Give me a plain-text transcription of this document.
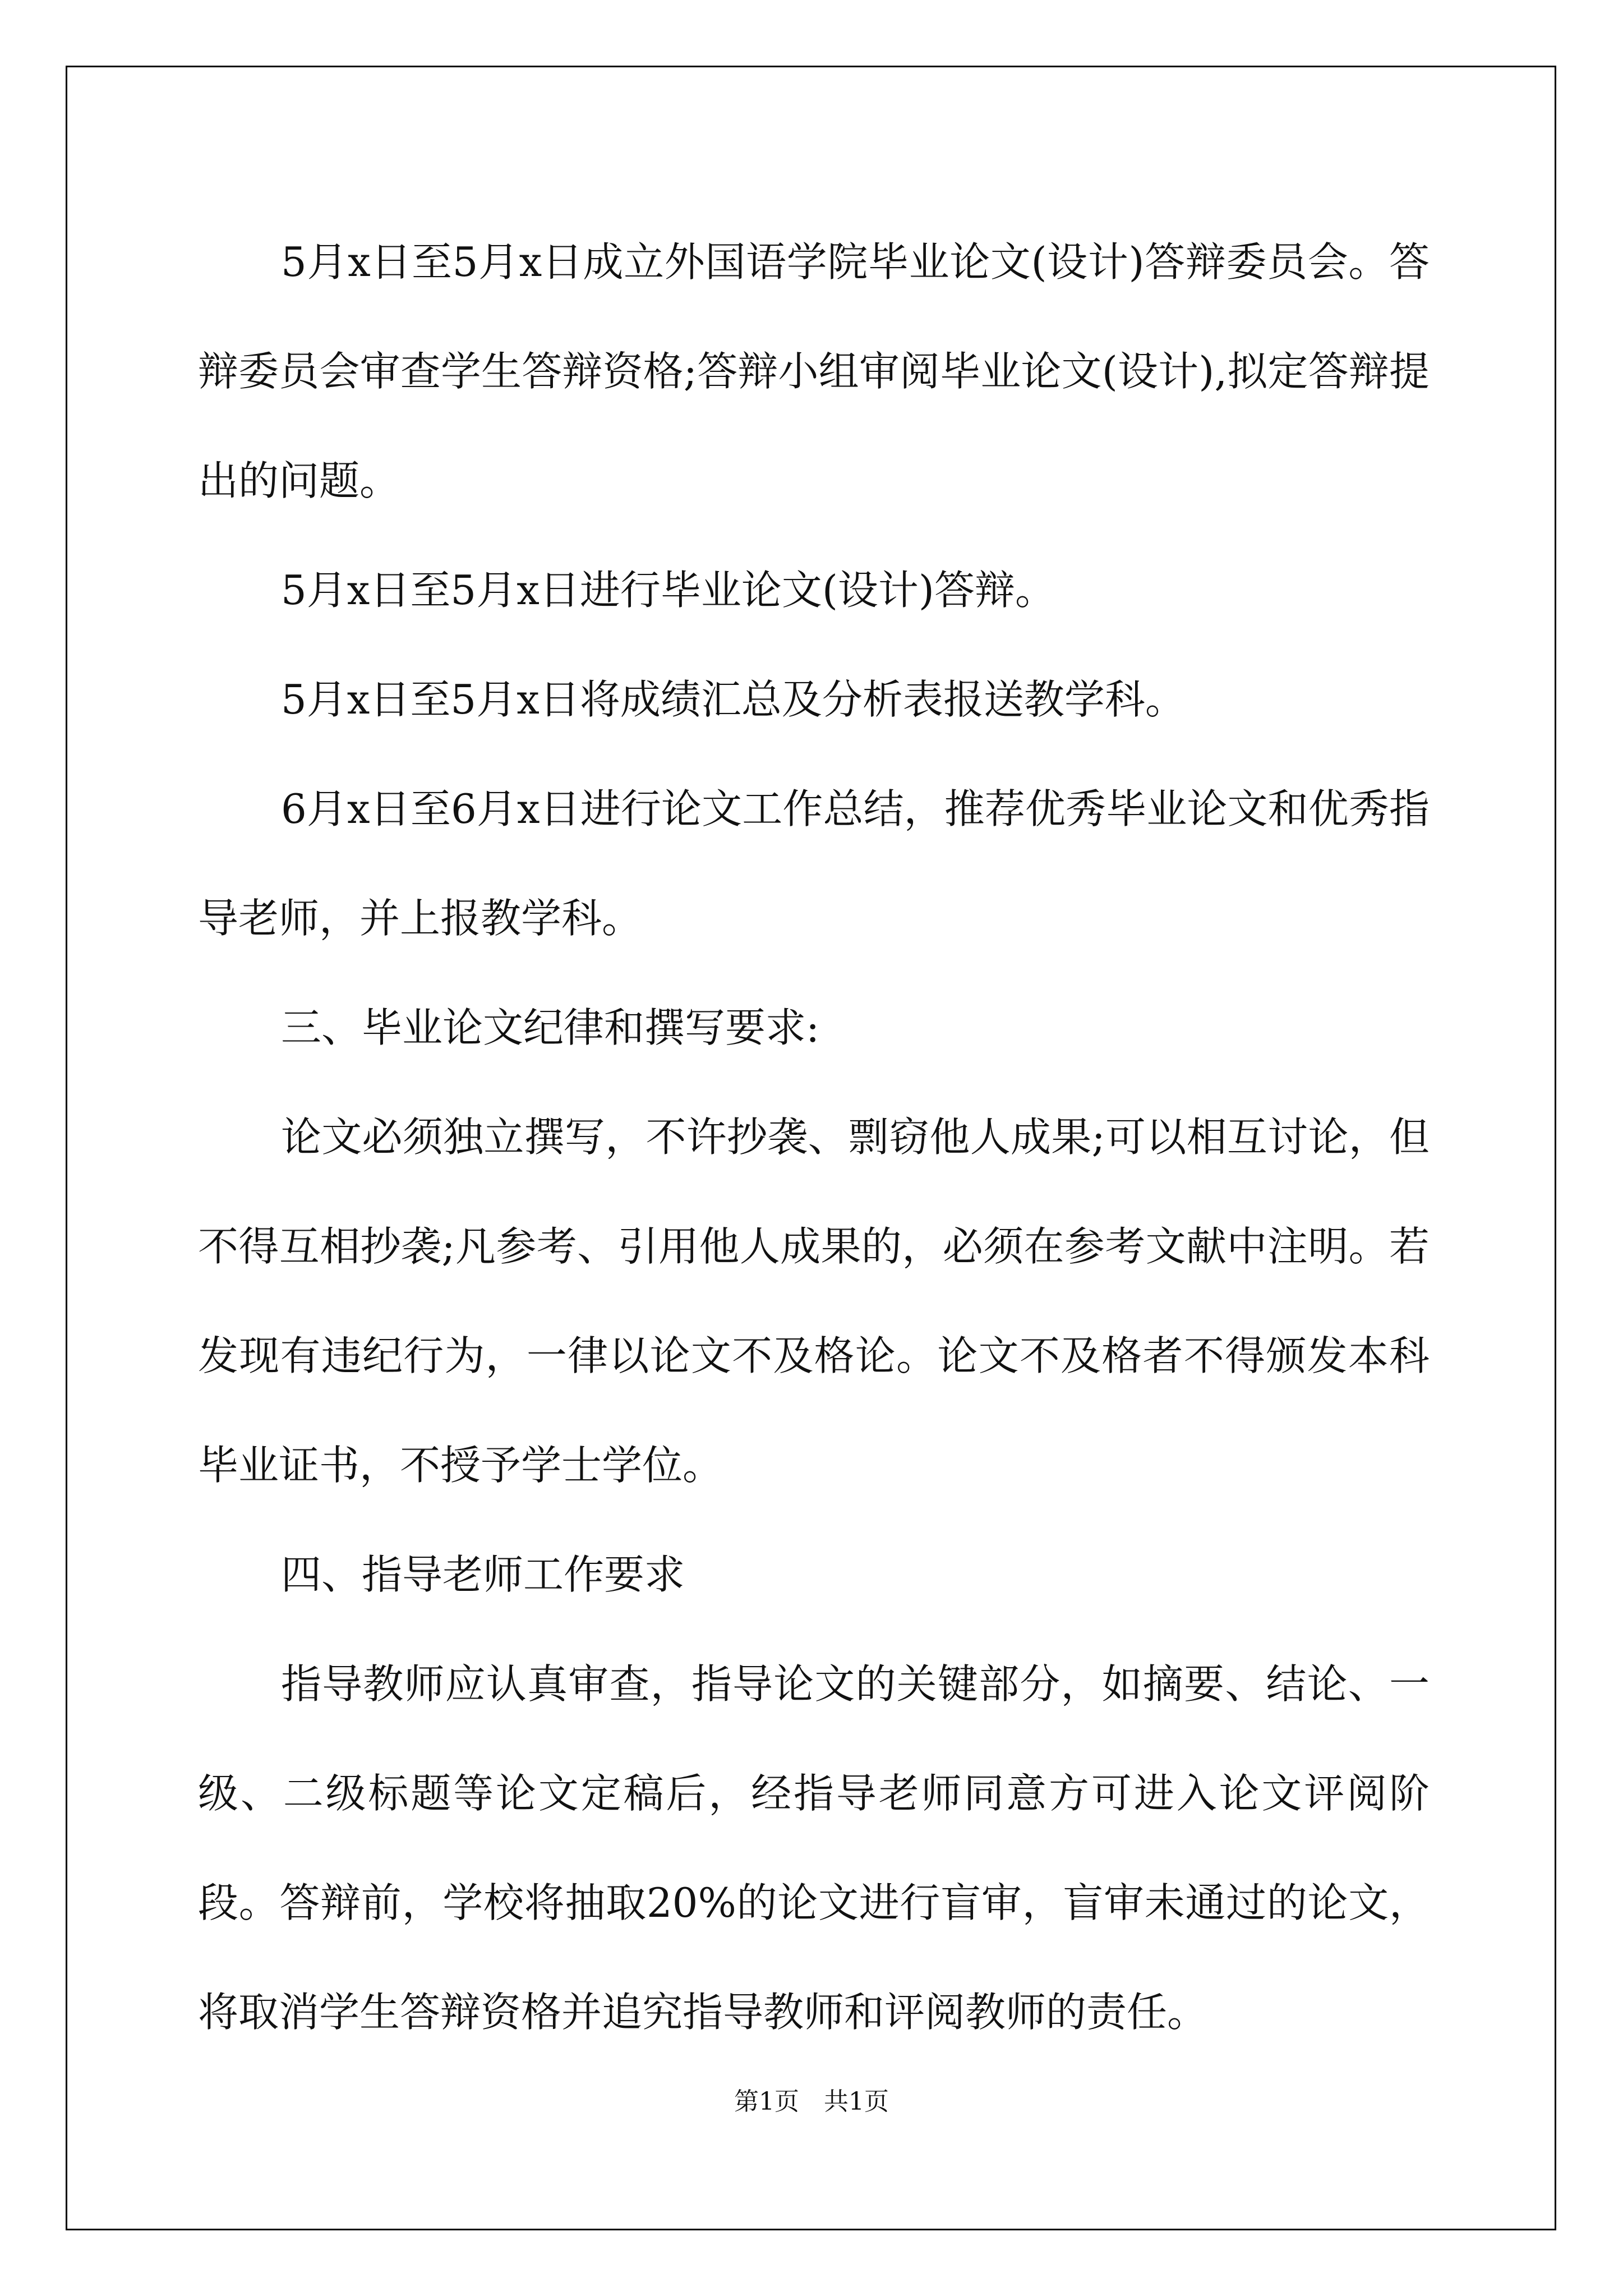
5月x日至5月x日成立外国语学院毕业论文(设计)答辩委员会。答辩委员会审查学生答辩资格;答辩小组审阅毕业论文(设计),拟定答辩提出的问题。

5月x日至5月x日进行毕业论文(设计)答辩。

5月x日至5月x日将成绩汇总及分析表报送教学科。

6月x日至6月x日进行论文工作总结，推荐优秀毕业论文和优秀指导老师，并上报教学科。

三、毕业论文纪律和撰写要求:

论文必须独立撰写，不许抄袭、剽窃他人成果;可以相互讨论，但不得互相抄袭;凡参考、引用他人成果的，必须在参考文献中注明。若发现有违纪行为，一律以论文不及格论。论文不及格者不得颁发本科毕业证书，不授予学士学位。

四、指导老师工作要求

指导教师应认真审查，指导论文的关键部分，如摘要、结论、一级、二级标题等论文定稿后，经指导老师同意方可进入论文评阅阶段。答辩前，学校将抽取20%的论文进行盲审，盲审未通过的论文，将取消学生答辩资格并追究指导教师和评阅教师的责任。

第1页　共1页
